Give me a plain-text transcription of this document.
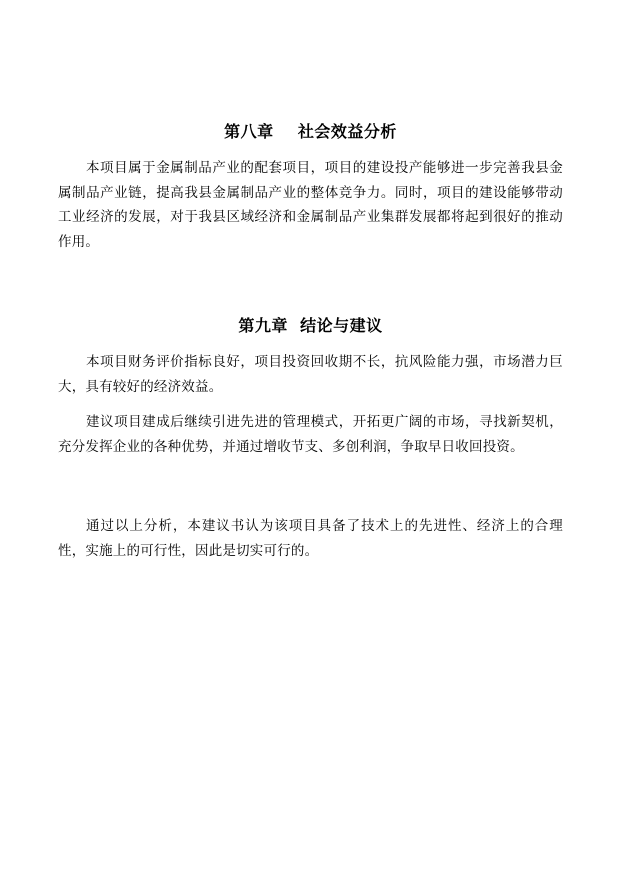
第八章    社会效益分析

本项目属于金属制品产业的配套项目，项目的建设投产能够进一步完善我县金属制品产业链，提高我县金属制品产业的整体竞争力。同时，项目的建设能够带动工业经济的发展，对于我县区域经济和金属制品产业集群发展都将起到很好的推动作用。

第九章  结论与建议

本项目财务评价指标良好，项目投资回收期不长，抗风险能力强，市场潜力巨大，具有较好的经济效益。

建议项目建成后继续引进先进的管理模式，开拓更广阔的市场，寻找新契机，充分发挥企业的各种优势，并通过增收节支、多创利润，争取早日收回投资。

通过以上分析，本建议书认为该项目具备了技术上的先进性、经济上的合理性，实施上的可行性，因此是切实可行的。
